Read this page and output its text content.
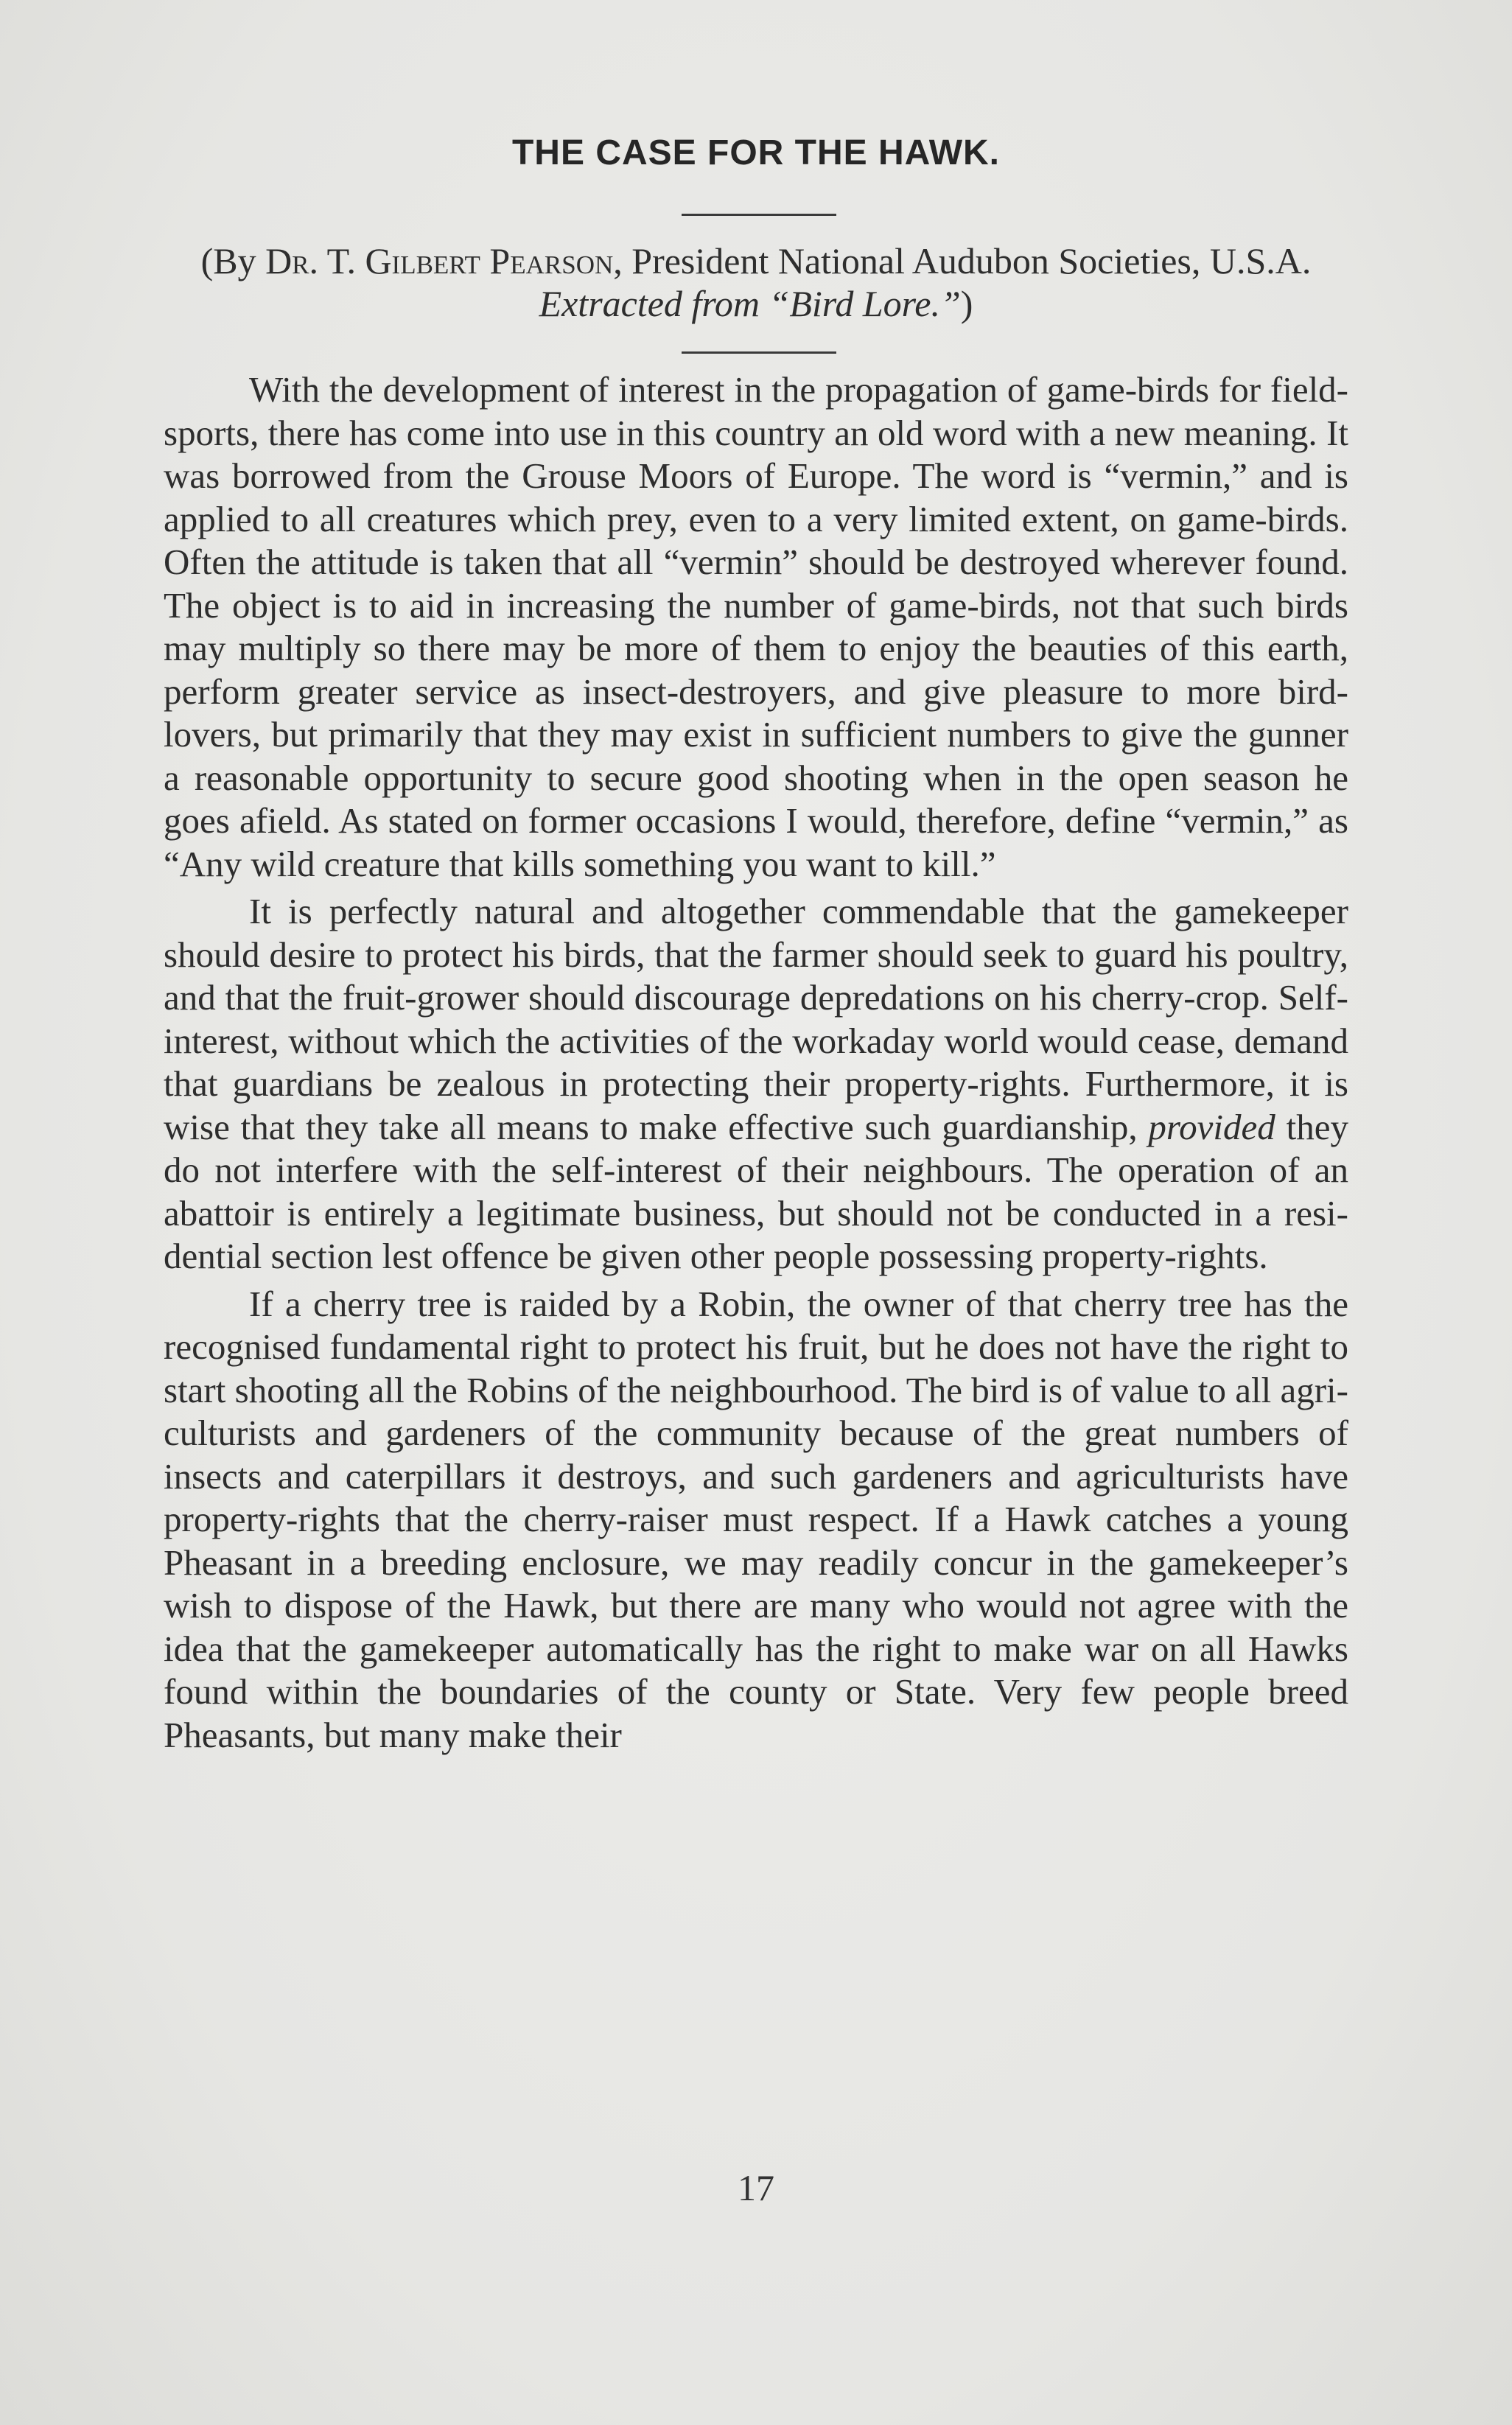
THE CASE FOR THE HAWK.
(By Dr. T. Gilbert Pearson, President National Audubon Societies, U.S.A. Extracted from “Bird Lore.”)

With the development of interest in the propagation of game-birds for field-sports, there has come into use in this country an old word with a new meaning. It was borrowed from the Grouse Moors of Europe. The word is “vermin,” and is applied to all creatures which prey, even to a very limited extent, on game-birds. Often the attitude is taken that all “vermin” should be destroyed wherever found. The object is to aid in increasing the number of game-birds, not that such birds may multiply so there may be more of them to enjoy the beauties of this earth, perform greater service as insect-destroyers, and give pleasure to more bird-lovers, but primarily that they may exist in sufficient numbers to give the gunner a reasonable opportunity to secure good shooting when in the open season he goes afield. As stated on former occasions I would, therefore, define “vermin,” as “Any wild creature that kills something you want to kill.”

It is perfectly natural and altogether commendable that the gamekeeper should desire to protect his birds, that the farmer should seek to guard his poultry, and that the fruit-grower should discourage depredations on his cherry-crop. Self-interest, without which the activities of the workaday world would cease, demand that guardians be zealous in protecting their property-rights. Furthermore, it is wise that they take all means to make effective such guardianship, provided they do not interfere with the self-interest of their neighbours. The operation of an abattoir is entirely a legitimate business, but should not be conducted in a residential section lest offence be given other people possessing property-rights.

If a cherry tree is raided by a Robin, the owner of that cherry tree has the recognised fundamental right to protect his fruit, but he does not have the right to start shooting all the Robins of the neighbourhood. The bird is of value to all agriculturists and gardeners of the community because of the great numbers of insects and caterpillars it destroys, and such gardeners and agriculturists have property-rights that the cherry-raiser must respect. If a Hawk catches a young Pheasant in a breeding enclosure, we may readily concur in the gamekeeper’s wish to dispose of the Hawk, but there are many who would not agree with the idea that the gamekeeper automatically has the right to make war on all Hawks found within the boundaries of the county or State. Very few people breed Pheasants, but many make their

17
